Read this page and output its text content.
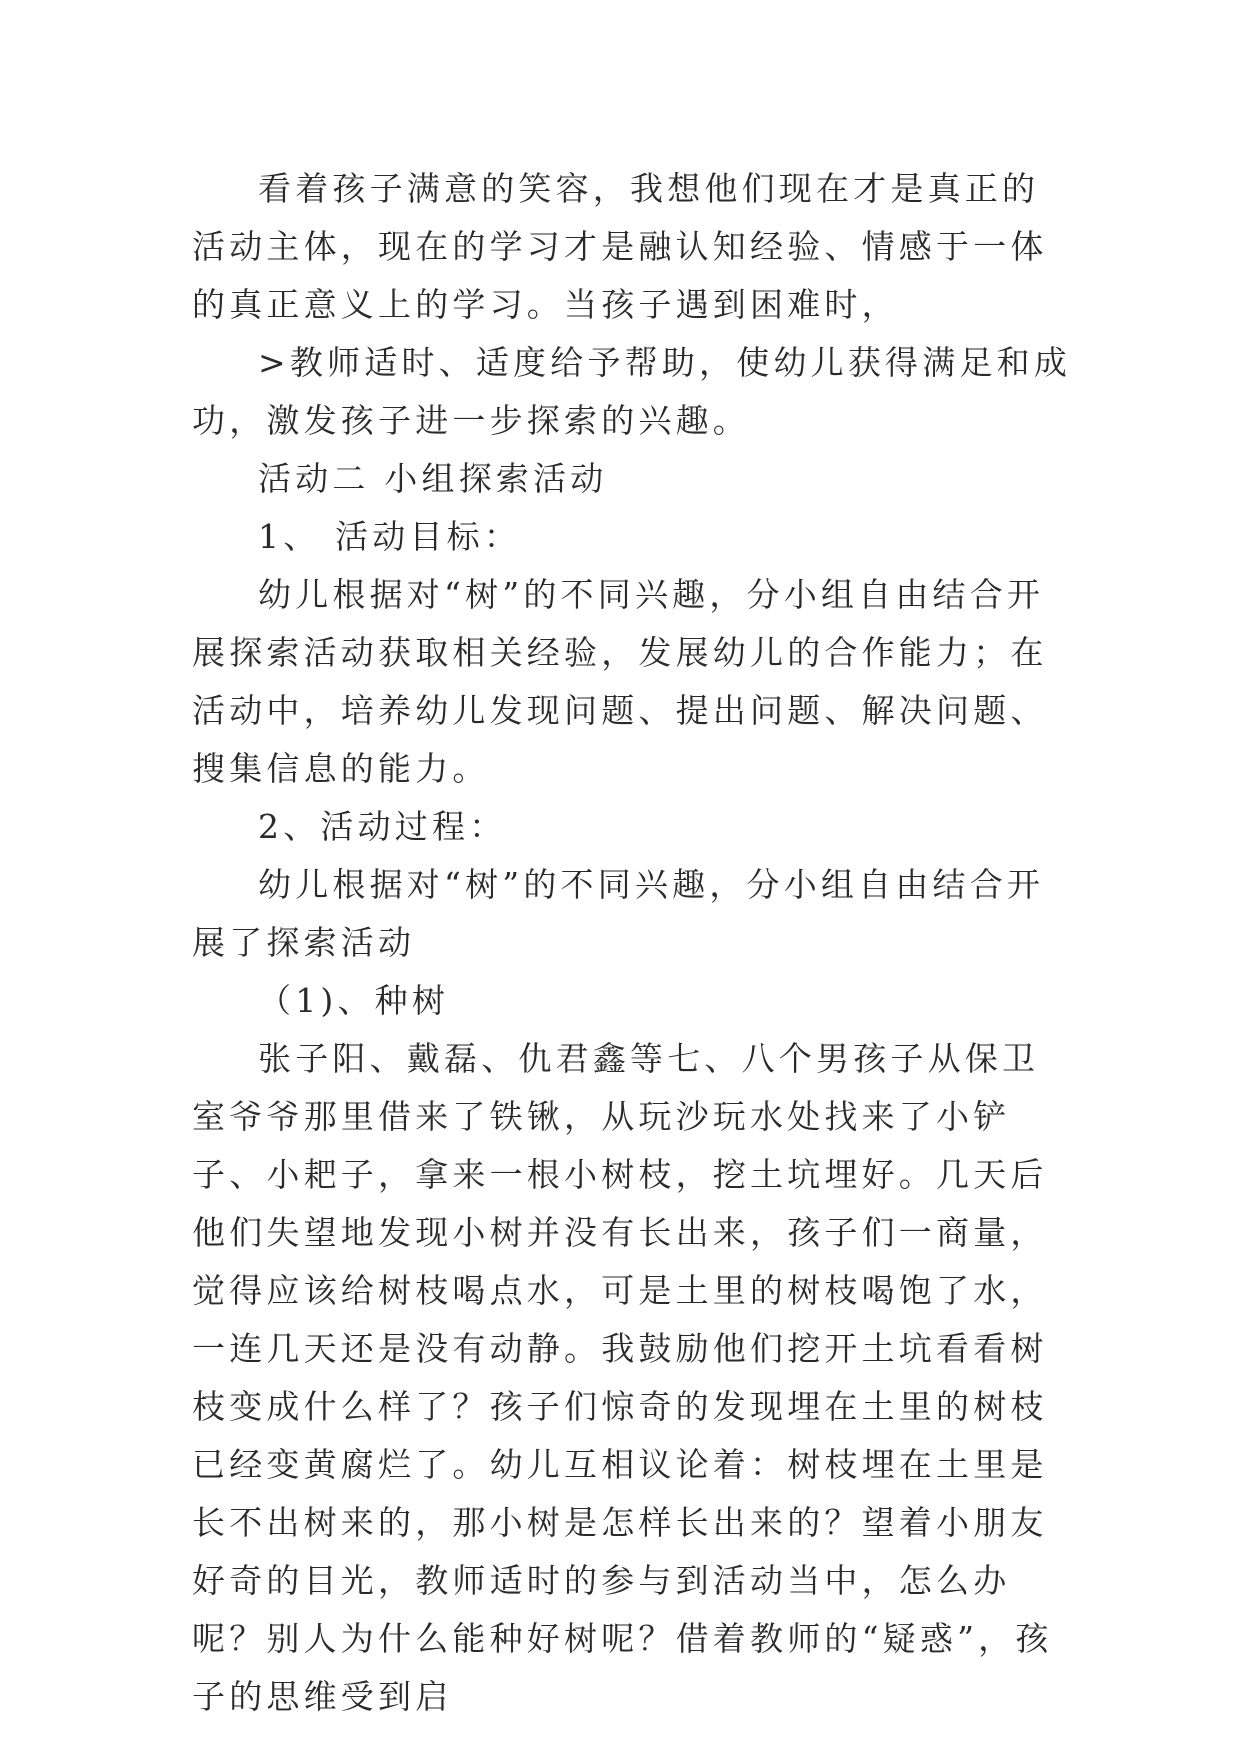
看着孩子满意的笑容，我想他们现在才是真正的活动主体，现在的学习才是融认知经验、情感于一体的真正意义上的学习。当孩子遇到困难时，

>教师适时、适度给予帮助，使幼儿获得满足和成功，激发孩子进一步探索的兴趣。

活动二 小组探索活动

1、 活动目标：

幼儿根据对“树”的不同兴趣，分小组自由结合开展探索活动获取相关经验，发展幼儿的合作能力；在活动中，培养幼儿发现问题、提出问题、解决问题、搜集信息的能力。

2、活动过程：

幼儿根据对“树”的不同兴趣，分小组自由结合开展了探索活动

（1)、种树

张子阳、戴磊、仇君鑫等七、八个男孩子从保卫室爷爷那里借来了铁锹，从玩沙玩水处找来了小铲子、小耙子，拿来一根小树枝，挖土坑埋好。几天后他们失望地发现小树并没有长出来，孩子们一商量，觉得应该给树枝喝点水，可是土里的树枝喝饱了水，一连几天还是没有动静。我鼓励他们挖开土坑看看树枝变成什么样了？孩子们惊奇的发现埋在土里的树枝已经变黄腐烂了。幼儿互相议论着：树枝埋在土里是长不出树来的，那小树是怎样长出来的？望着小朋友好奇的目光，教师适时的参与到活动当中，怎么办呢？别人为什么能种好树呢？借着教师的“疑惑”，孩子的思维受到启
